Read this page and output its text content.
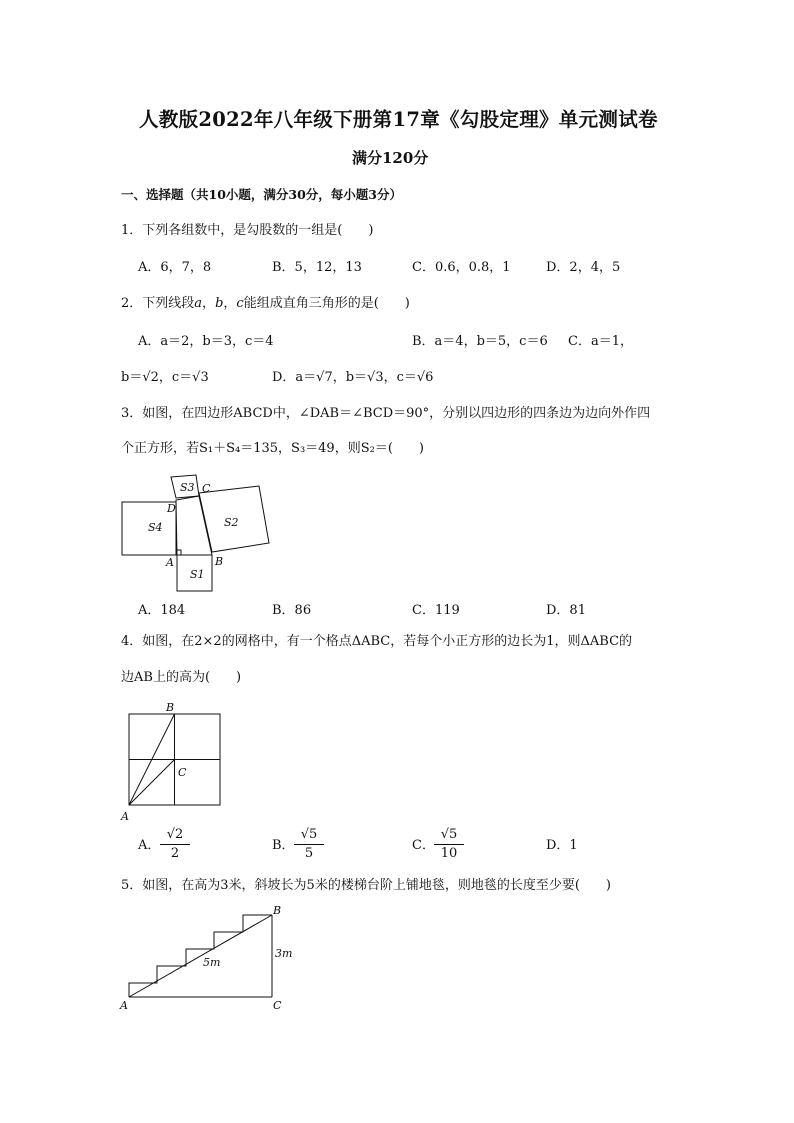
人教版2022年八年级下册第17章《勾股定理》单元测试卷
满分120分
一、选择题（共10小题，满分30分，每小题3分）
1．下列各组数中，是勾股数的一组是(　　)
A．6，7，8	B．5，12，13	C．0.6，0.8，1	D．2，4，5
2．下列线段a，b，c能组成直角三角形的是(　　)
A．a＝2，b＝3，c＝4	B．a＝4，b＝5，c＝6 C．a＝1，
b＝√2，c＝√3	D．a＝√7，b＝√3，c＝√6
3．如图，在四边形ABCD中，∠DAB＝∠BCD＝90°，分别以四边形的四条边为边向外作四
个正方形，若S₁＋S₄＝135，S₃＝49，则S₂＝(　　)
S3 C
D
S4	S2
A	B
S1
B
C
A
B
3m
5m
A	C
A．184	B．86	C．119	D．81
4．如图，在2×2的网格中，有一个格点ΔABC，若每个小正方形的边长为1，则ΔABC的
边AB上的高为(　　)
A． $\frac{√2}{2}$	B． $\frac{√5}{5}$	C． $\frac{√5}{10}$	D．1
5．如图，在高为3米，斜坡长为5米的楼梯台阶上铺地毯，则地毯的长度至少要(　　)
